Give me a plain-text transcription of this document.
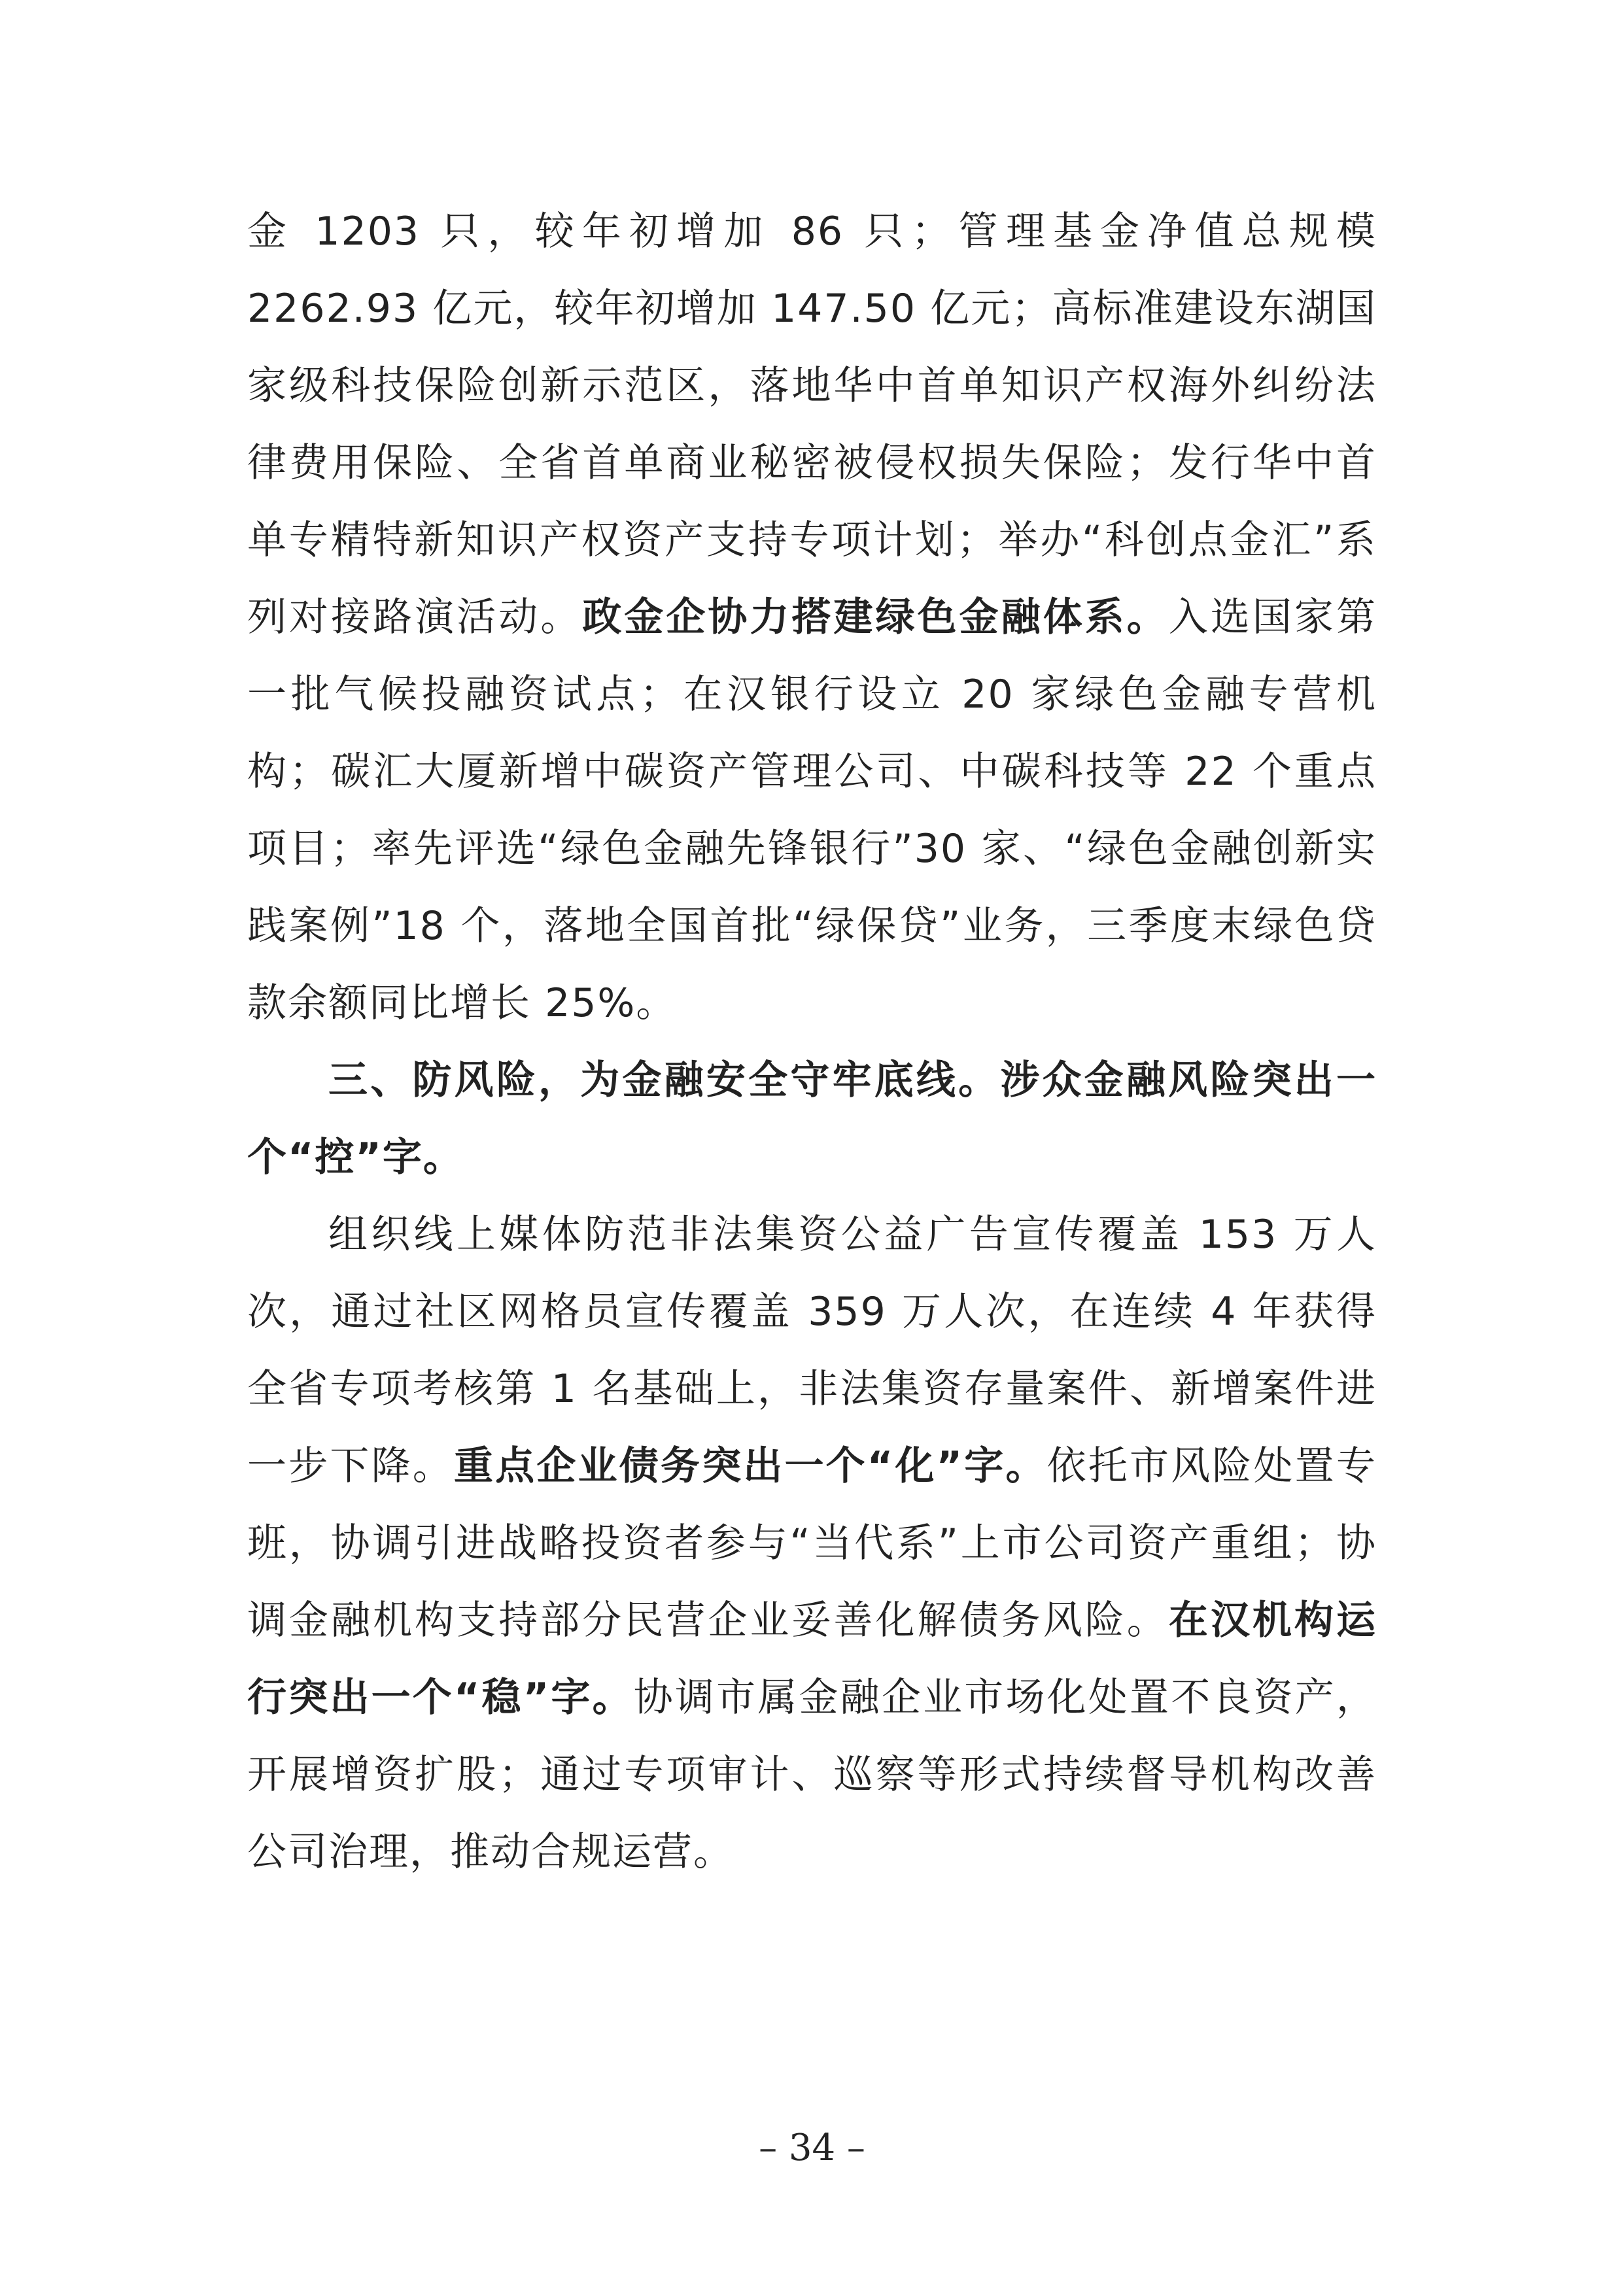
金 1203 只，较年初增加 86 只；管理基金净值总规模 2262.93 亿元，较年初增加 147.50 亿元；高标准建设东湖国家级科技保险创新示范区，落地华中首单知识产权海外纠纷法律费用保险、全省首单商业秘密被侵权损失保险；发行华中首单专精特新知识产权资产支持专项计划；举办“科创点金汇”系列对接路演活动。政金企协力搭建绿色金融体系。入选国家第一批气候投融资试点；在汉银行设立 20 家绿色金融专营机构；碳汇大厦新增中碳资产管理公司、中碳科技等 22 个重点项目；率先评选“绿色金融先锋银行”30 家、“绿色金融创新实践案例”18 个，落地全国首批“绿保贷”业务，三季度末绿色贷款余额同比增长 25%。

三、防风险，为金融安全守牢底线。涉众金融风险突出一个“控”字。

组织线上媒体防范非法集资公益广告宣传覆盖 153 万人次，通过社区网格员宣传覆盖 359 万人次，在连续 4 年获得全省专项考核第 1 名基础上，非法集资存量案件、新增案件进一步下降。重点企业债务突出一个“化”字。依托市风险处置专班，协调引进战略投资者参与“当代系”上市公司资产重组；协调金融机构支持部分民营企业妥善化解债务风险。在汉机构运行突出一个“稳”字。协调市属金融企业市场化处置不良资产，开展增资扩股；通过专项审计、巡察等形式持续督导机构改善公司治理，推动合规运营。

– 34 –
